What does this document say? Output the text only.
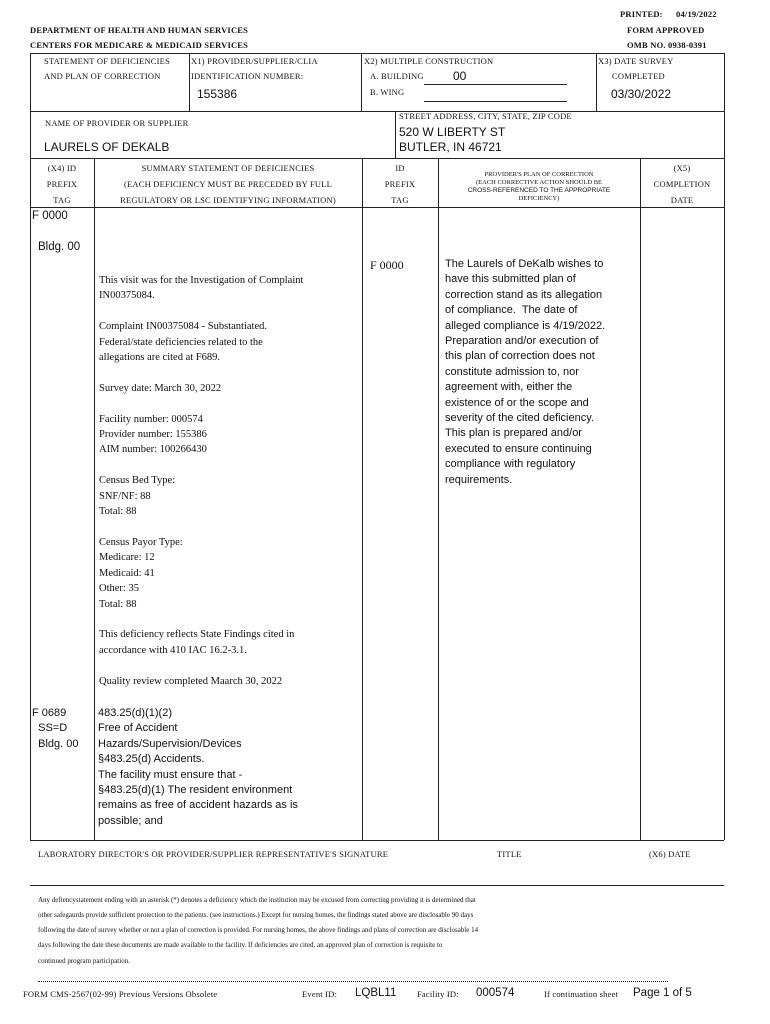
PRINTED: 04/19/2022
DEPARTMENT OF HEALTH AND HUMAN SERVICES	FORM APPROVED
CENTERS FOR MEDICARE & MEDICAID SERVICES	OMB NO. 0938-0391
STATEMENT OF DEFICIENCIES
AND PLAN OF CORRECTION
X1) PROVIDER/SUPPLIER/CLIA
IDENTIFICATION NUMBER:
155386
X2) MULTIPLE CONSTRUCTION
A. BUILDING 00
B. WING
X3) DATE SURVEY
COMPLETED
03/30/2022
NAME OF PROVIDER OR SUPPLIER
LAURELS OF DEKALB
STREET ADDRESS, CITY, STATE, ZIP CODE
520 W LIBERTY ST
BUTLER, IN 46721
(X4) ID
PREFIX
TAG
SUMMARY STATEMENT OF DEFICIENCIES
(EACH DEFICIENCY MUST BE PRECEDED BY FULL
REGULATORY OR LSC IDENTIFYING INFORMATION)
ID
PREFIX
TAG
PROVIDER'S PLAN OF CORRECTION
(EACH CORRECTIVE ACTION SHOULD BE
CROSS-REFERENCED TO THE APPROPRIATE
DEFICIENCY)
(X5)
COMPLETION
DATE
F 0000
Bldg. 00
This visit was for the Investigation of Complaint
IN00375084.

Complaint IN00375084 - Substantiated.
Federal/state deficiencies related to the
allegations are cited at F689.

Survey date: March 30, 2022

Facility number: 000574
Provider number: 155386
AIM number: 100266430

Census Bed Type:
SNF/NF: 88
Total: 88

Census Payor Type:
Medicare: 12
Medicaid: 41
Other: 35
Total: 88

This deficiency reflects State Findings cited in
accordance with 410 IAC 16.2-3.1.

Quality review completed Maarch 30, 2022
F 0000	The Laurels of DeKalb wishes to
have this submitted plan of
correction stand as its allegation
of compliance.  The date of
alleged compliance is 4/19/2022.
Preparation and/or execution of
this plan of correction does not
constitute admission to, nor
agreement with, either the
existence of or the scope and
severity of the cited deficiency.
This plan is prepared and/or
executed to ensure continuing
compliance with regulatory
requirements.
F 0689
SS=D
Bldg. 00
483.25(d)(1)(2)
Free of Accident
Hazards/Supervision/Devices
§483.25(d) Accidents.
The facility must ensure that -
§483.25(d)(1) The resident environment
remains as free of accident hazards as is
possible; and
LABORATORY DIRECTOR'S OR PROVIDER/SUPPLIER REPRESENTATIVE'S SIGNATURE	TITLE	(X6) DATE
Any defiencystatement ending with an asterisk (*) denotes a deficiency which the institution may be excused from correcting providing it is determined that
other safegaurds provide sufficient protection to the patients. (see instructions.) Except for nursing homes, the findings stated above are disclosable 90 days
following the date of survey whether or not a plan of correction is provided. For nursing homes, the above findings and plans of correction are disclosable 14
days following the date these documents are made available to the facility. If deficiencies are cited, an approved plan of correction is requisite to
continued program participation.
FORM CMS-2567(02-99) Previous Versions Obsolete	Event ID: LQBL11 Facility ID: 000574	If continuation sheet Page 1 of 5
